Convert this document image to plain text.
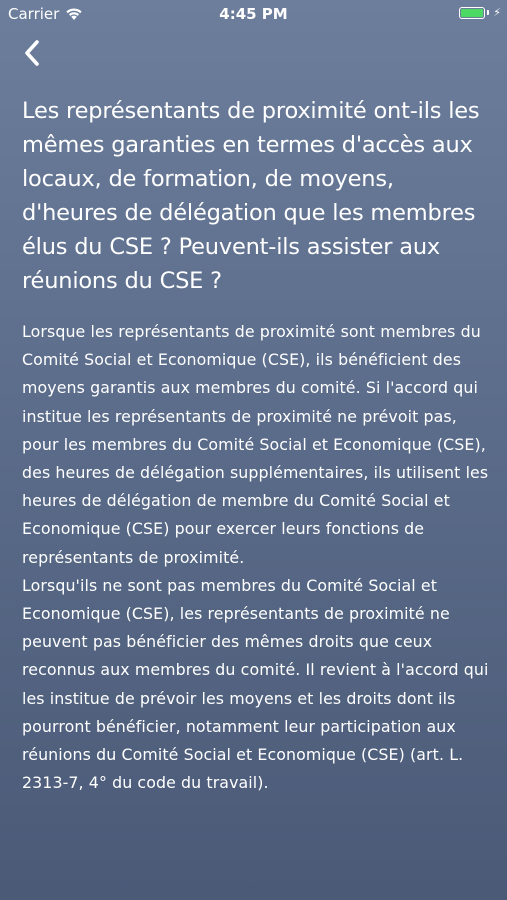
Carrier	4:45 PM	⚡
Les représentants de proximité ont-ils les mêmes garanties en termes d'accès aux locaux, de formation, de moyens, d'heures de délégation que les membres élus du CSE ? Peuvent-ils assister aux réunions du CSE ?

Lorsque les représentants de proximité sont membres du Comité Social et Economique (CSE), ils bénéficient des moyens garantis aux membres du comité. Si l'accord qui institue les représentants de proximité ne prévoit pas, pour les membres du Comité Social et Economique (CSE), des heures de délégation supplémentaires, ils utilisent les heures de délégation de membre du Comité Social et Economique (CSE) pour exercer leurs fonctions de représentants de proximité.

Lorsqu'ils ne sont pas membres du Comité Social et Economique (CSE), les représentants de proximité ne peuvent pas bénéficier des mêmes droits que ceux reconnus aux membres du comité. Il revient à l'accord qui les institue de prévoir les moyens et les droits dont ils pourront bénéficier, notamment leur participation aux réunions du Comité Social et Economique (CSE) (art. L. 2313-7, 4° du code du travail).
